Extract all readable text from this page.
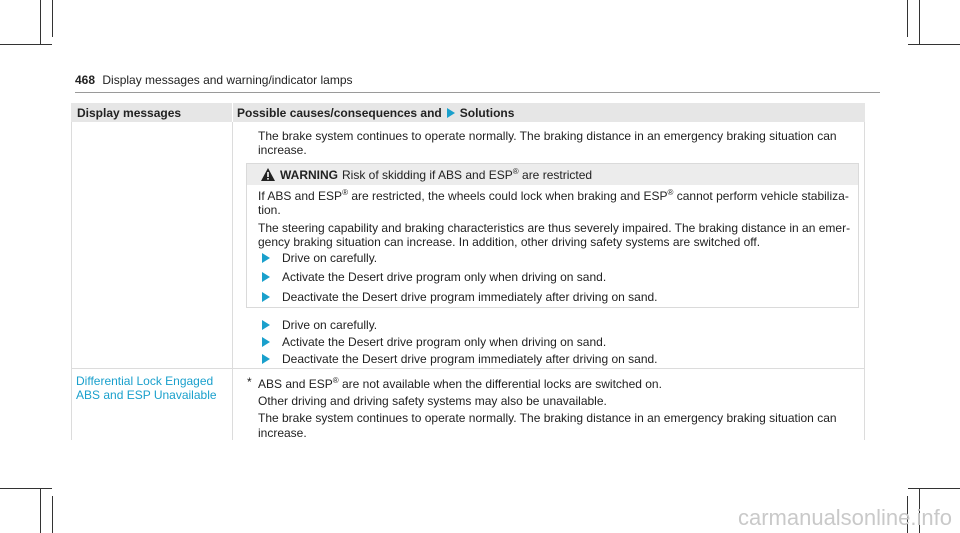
468 Display messages and warning/indicator lamps
Display messages	Possible causes/consequences and Solutions
The brake system continues to operate normally. The braking distance in an emergency braking situation can
increase.
WARNING Risk of skidding if ABS and ESP® are restricted
If ABS and ESP® are restricted, the wheels could lock when braking and ESP® cannot perform vehicle stabiliza-
tion.
The steering capability and braking characteristics are thus severely impaired. The braking distance in an emer-
gency braking situation can increase. In addition, other driving safety systems are switched off.
Drive on carefully.
Activate the Desert drive program only when driving on sand.
Deactivate the Desert drive program immediately after driving on sand.
Drive on carefully.
Activate the Desert drive program only when driving on sand.
Deactivate the Desert drive program immediately after driving on sand.
Differential Lock Engaged
ABS and ESP Unavailable
* ABS and ESP® are not available when the differential locks are switched on.
Other driving and driving safety systems may also be unavailable.
The brake system continues to operate normally. The braking distance in an emergency braking situation can
increase.
carmanualsonline.info
